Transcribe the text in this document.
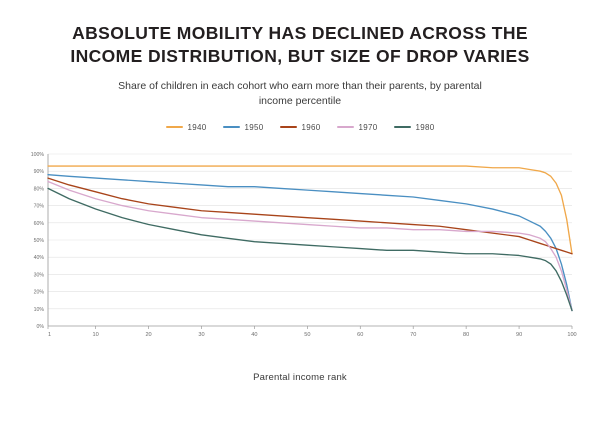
ABSOLUTE MOBILITY HAS DECLINED ACROSS THE INCOME DISTRIBUTION, BUT SIZE OF DROP VARIES

Share of children in each cohort who earn more than their parents, by parental income percentile

1940	1950	1960	1970	1980
0%
10%
20%
30%
40%
50%
60%
70%
80%
90%
100%
1	10	20	30	40	50	60	70	80	90	100

Parental income rank
